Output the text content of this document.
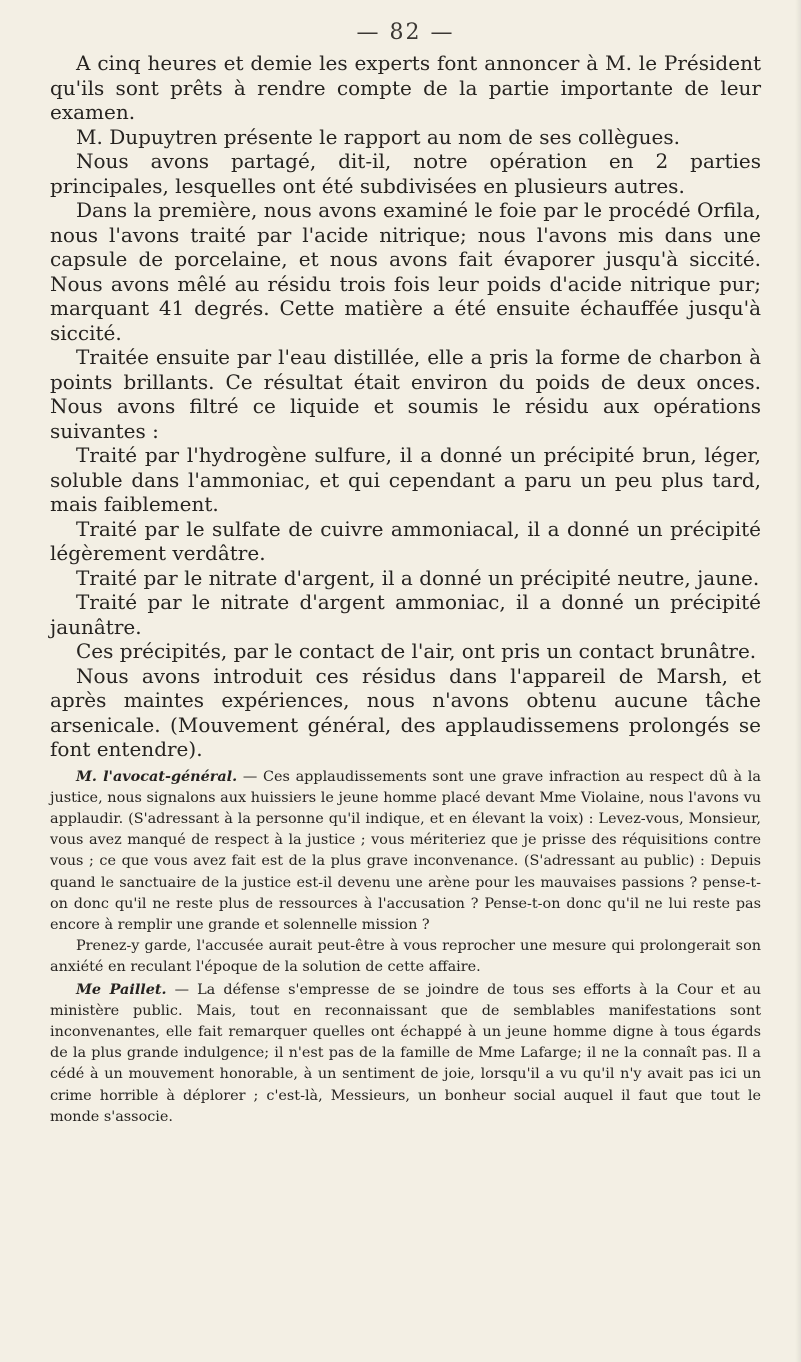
— 82 —

A cinq heures et demie les experts font annoncer à M. le Président qu'ils sont prêts à rendre compte de la partie importante de leur examen.

M. Dupuytren présente le rapport au nom de ses collègues.

Nous avons partagé, dit-il, notre opération en 2 parties principales, lesquelles ont été subdivisées en plusieurs autres.

Dans la première, nous avons examiné le foie par le procédé Orfila, nous l'avons traité par l'acide nitrique; nous l'avons mis dans une capsule de porcelaine, et nous avons fait évaporer jusqu'à siccité. Nous avons mêlé au résidu trois fois leur poids d'acide nitrique pur; marquant 41 degrés. Cette matière a été ensuite échauffée jusqu'à siccité.

Traitée ensuite par l'eau distillée, elle a pris la forme de charbon à points brillants. Ce résultat était environ du poids de deux onces. Nous avons filtré ce liquide et soumis le résidu aux opérations suivantes :

Traité par l'hydrogène sulfure, il a donné un précipité brun, léger, soluble dans l'ammoniac, et qui cependant a paru un peu plus tard, mais faiblement.

Traité par le sulfate de cuivre ammoniacal, il a donné un précipité légèrement verdâtre.

Traité par le nitrate d'argent, il a donné un précipité neutre, jaune.

Traité par le nitrate d'argent ammoniac, il a donné un précipité jaunâtre.

Ces précipités, par le contact de l'air, ont pris un contact brunâtre.

Nous avons introduit ces résidus dans l'appareil de Marsh, et après maintes expériences, nous n'avons obtenu aucune tâche arsenicale. (Mouvement général, des applaudissemens prolongés se font entendre).

M. l'avocat-général. — Ces applaudissements sont une grave infraction au respect dû à la justice, nous signalons aux huissiers le jeune homme placé devant Mme Violaine, nous l'avons vu applaudir. (S'adressant à la personne qu'il indique, et en élevant la voix) : Levez-vous, Monsieur, vous avez manqué de respect à la justice ; vous mériteriez que je prisse des réquisitions contre vous ; ce que vous avez fait est de la plus grave inconvenance. (S'adressant au public) : Depuis quand le sanctuaire de la justice est-il devenu une arène pour les mauvaises passions ? pense-t-on donc qu'il ne reste plus de ressources à l'accusation ? Pense-t-on donc qu'il ne lui reste pas encore à remplir une grande et solennelle mission ?

Prenez-y garde, l'accusée aurait peut-être à vous reprocher une mesure qui prolongerait son anxiété en reculant l'époque de la solution de cette affaire.

Me Paillet. — La défense s'empresse de se joindre de tous ses efforts à la Cour et au ministère public. Mais, tout en reconnaissant que de semblables manifestations sont inconvenantes, elle fait remarquer quelles ont échappé à un jeune homme digne à tous égards de la plus grande indulgence; il n'est pas de la famille de Mme Lafarge; il ne la connaît pas. Il a cédé à un mouvement honorable, à un sentiment de joie, lorsqu'il a vu qu'il n'y avait pas ici un crime horrible à déplorer ; c'est-là, Messieurs, un bonheur social auquel il faut que tout le monde s'associe.
